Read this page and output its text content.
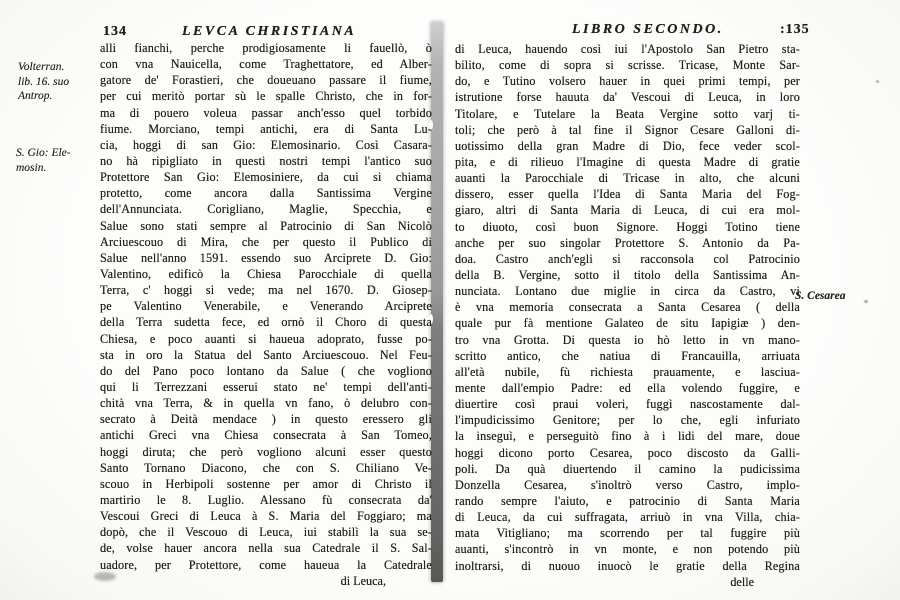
134	LEVCA CHRISTIANA
Volterran.
lib. 16. suo
Antrop.
S. Gio: Ele-
mosin.
alli fianchi, perche prodigiosamente li fauellò, ò
con vna Nauicella, come Traghettatore, ed Alber-
gatore de' Forastieri, che doueuano passare il fiume,
per cui meritò portar sù le spalle Christo, che in for-
ma di pouero voleua passar anch'esso quel torbido
fiume. Morciano, tempi antichi, era di Santa Lu-
cia, hoggi di san Gio: Elemosinario. Così Casara-
no hà ripigliato in questi nostri tempi l'antico suo
Protettore San Gio: Elemosiniere, da cui si chiama
protetto, come ancora dalla Santissima Vergine
dell'Annunciata. Corigliano, Maglie, Specchia, e
Salue sono stati sempre al Patrocinio di San Nicolò
Arciuescouo di Mira, che per questo il Publico di
Salue nell'anno 1591. essendo suo Arciprete D. Gio:
Valentino, edificò la Chiesa Parocchiale di quella
Terra, c' hoggi si vede; ma nel 1670. D. Giosep-
pe Valentino Venerabile, e Venerando Arciprete
della Terra sudetta fece, ed ornò il Choro di questa
Chiesa, e poco auanti si haueua adoprato, fusse po-
sta in oro la Statua del Santo Arciuescouo. Nel Feu-
do del Pano poco lontano da Salue ( che vogliono
qui li Terrezzani esserui stato ne' tempi dell'anti-
chità vna Terra, & in quella vn fano, ò delubro con-
secrato à Deità mendace ) in questo eressero gli
antichi Greci vna Chiesa consecrata à San Tomeo,
hoggi diruta; che però vogliono alcuni esser questo
Santo Tornano Diacono, che con S. Chiliano Ve-
scouo in Herbipoli sostenne per amor di Christo il
martirio le 8. Luglio. Alessano fù consecrata da'
Vescoui Greci di Leuca à S. Maria del Foggiaro; ma
dopò, che il Vescouo di Leuca, iui stabilì la sua se-
de, volse hauer ancora nella sua Catedrale il S. Sal-
uadore, per Protettore, come haueua la Catedrale
di Leuca,
LIBRO SECONDO.	:135
S. Cesarea
di Leuca, hauendo così iui l'Apostolo San Pietro sta-
bilito, come di sopra si scrisse. Tricase, Monte Sar-
do, e Tutino volsero hauer in quei primi tempi, per
istrutione forse hauuta da' Vescoui di Leuca, in loro
Titolare, e Tutelare la Beata Vergine sotto varj ti-
toli; che però à tal fine il Signor Cesare Galloni di-
uotissimo della gran Madre di Dio, fece veder scol-
pita, e di rilieuo l'Imagine di questa Madre di gratie
auanti la Parocchiale di Tricase in alto, che alcuni
dissero, esser quella l'Idea di Santa Maria del Fog-
giaro, altri di Santa Maria di Leuca, di cui era mol-
to diuoto, così buon Signore. Hoggi Totino tiene
anche per suo singolar Protettore S. Antonio da Pa-
doa. Castro anch'egli si racconsola col Patrocinio
della B. Vergine, sotto il titolo della Santissima An-
nunciata. Lontano due miglie in circa da Castro, vi
è vna memoria consecrata a Santa Cesarea ( della
quale pur fà mentione Galateo de situ Iapigiæ ) den-
tro vna Grotta. Di questa io hò letto in vn mano-
scritto antico, che natiua di Francauilla, arriuata
all'età nubile, fù richiesta prauamente, e lasciua-
mente dall'empio Padre: ed ella volendo fuggire, e
diuertire così praui voleri, fuggì nascostamente dal-
l'impudicissimo Genitore; per lo che, egli infuriato
la inseguì, e perseguitò fino à i lidi del mare, doue
hoggi dicono porto Cesarea, poco discosto da Galli-
poli. Da quà diuertendo il camino la pudicissima
Donzella Cesarea, s'inoltrò verso Castro, implo-
rando sempre l'aiuto, e patrocinio di Santa Maria
di Leuca, da cui suffragata, arriuò in vna Villa, chia-
mata Vitigliano; ma scorrendo per tal fuggire più
auanti, s'incontrò in vn monte, e non potendo più
inoltrarsi, di nuouo inuocò le gratie della Regina
delle
